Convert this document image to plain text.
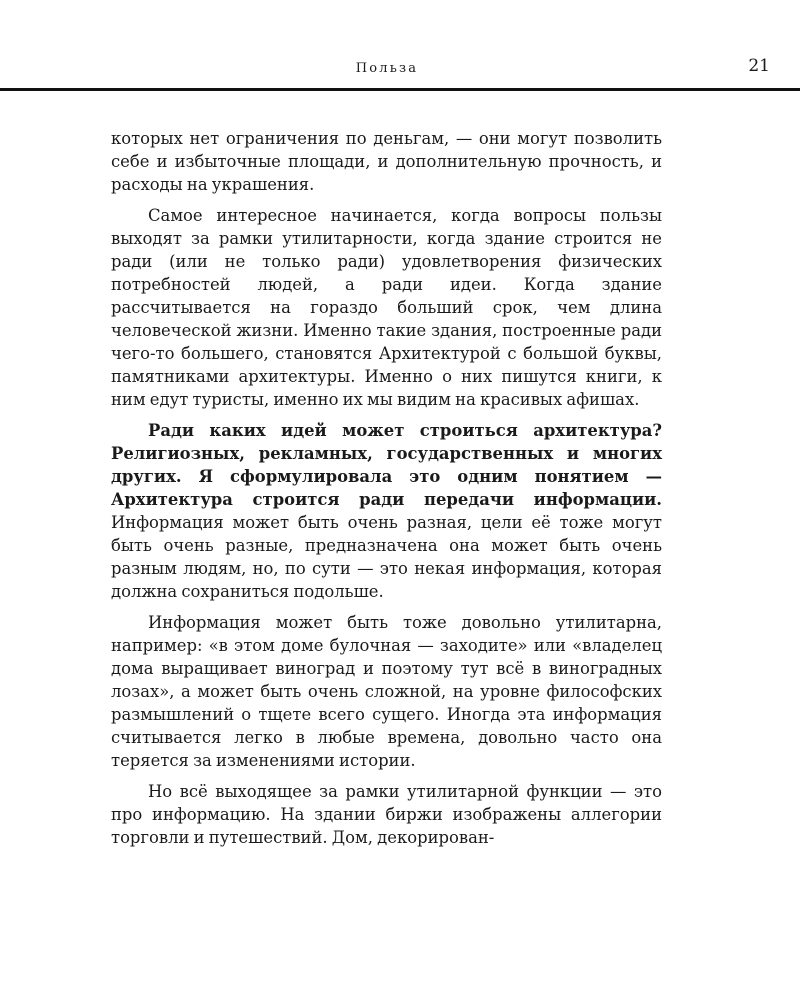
Польза	21

которых нет ограничения по деньгам, — они могут позволить себе и избыточные площади, и дополнительную прочность, и расходы на украшения.

Самое интересное начинается, когда вопросы пользы выходят за рамки утилитарности, когда здание строится не ради (или не только ради) удовлетворения физических потребностей людей, а ради идеи. Когда здание рассчитывается на гораздо больший срок, чем длина человеческой жизни. Именно такие здания, построенные ради чего-то большего, становятся Архитектурой с большой буквы, памятниками архитектуры. Именно о них пишутся книги, к ним едут туристы, именно их мы видим на красивых афишах.

Ради каких идей может строиться архитектура? Религиозных, рекламных, государственных и многих других. Я сформулировала это одним понятием — Архитектура строится ради передачи информации. Информация может быть очень разная, цели её тоже могут быть очень разные, предназначена она может быть очень разным людям, но, по сути — это некая информация, которая должна сохраниться подольше.

Информация может быть тоже довольно утилитарна, например: «в этом доме булочная — заходите» или «владелец дома выращивает виноград и поэтому тут всё в виноградных лозах», а может быть очень сложной, на уровне философских размышлений о тщете всего сущего. Иногда эта информация считывается легко в любые времена, довольно часто она теряется за изменениями истории.

Но всё выходящее за рамки утилитарной функции — это про информацию. На здании биржи изображены аллегории торговли и путешествий. Дом, декорирован-
